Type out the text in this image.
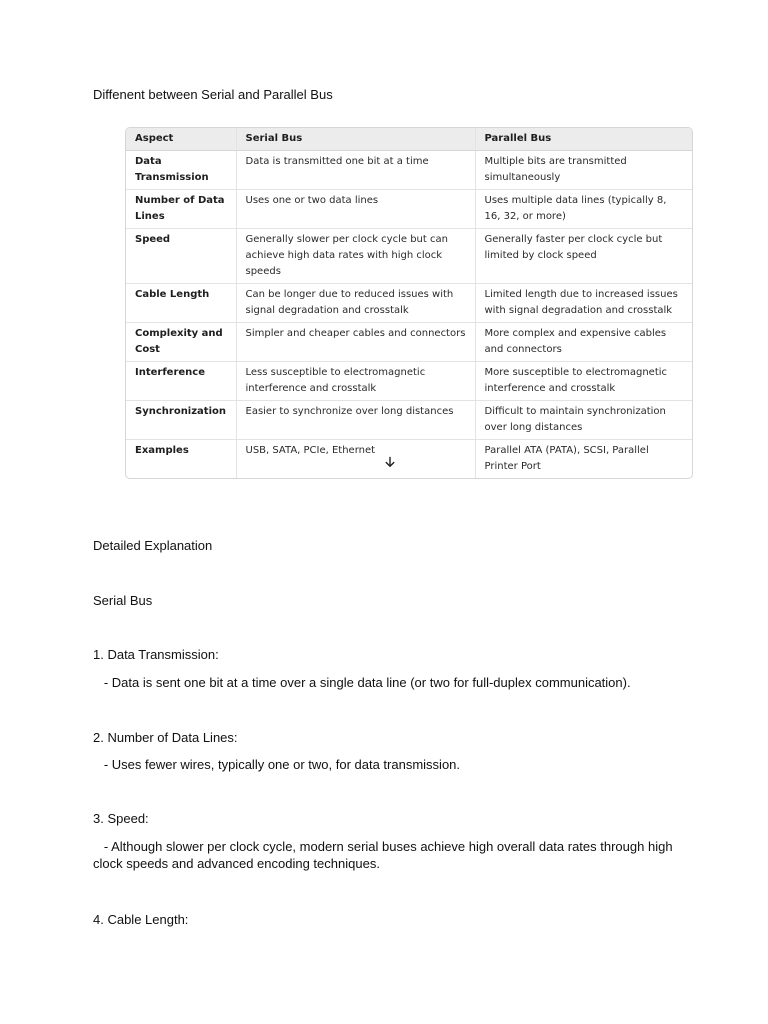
Diffenent between Serial and Parallel Bus
Aspect	Serial Bus	Parallel Bus
Data Transmission	Data is transmitted one bit at a time	Multiple bits are transmitted simultaneously
Number of Data Lines	Uses one or two data lines	Uses multiple data lines (typically 8, 16, 32, or more)
Speed	Generally slower per clock cycle but can achieve high data rates with high clock speeds	Generally faster per clock cycle but limited by clock speed
Cable Length	Can be longer due to reduced issues with signal degradation and crosstalk	Limited length due to increased issues with signal degradation and crosstalk
Complexity and Cost	Simpler and cheaper cables and connectors	More complex and expensive cables and connectors
Interference	Less susceptible to electromagnetic interference and crosstalk	More susceptible to electromagnetic interference and crosstalk
Synchronization	Easier to synchronize over long distances	Difficult to maintain synchronization over long distances
Examples	USB, SATA, PCIe, Ethernet	Parallel ATA (PATA), SCSI, Parallel Printer Port
Detailed Explanation
Serial Bus
1. Data Transmission:
- Data is sent one bit at a time over a single data line (or two for full-duplex communication).
2. Number of Data Lines:
- Uses fewer wires, typically one or two, for data transmission.
3. Speed:
- Although slower per clock cycle, modern serial buses achieve high overall data rates through high clock speeds and advanced encoding techniques.
4. Cable Length:
